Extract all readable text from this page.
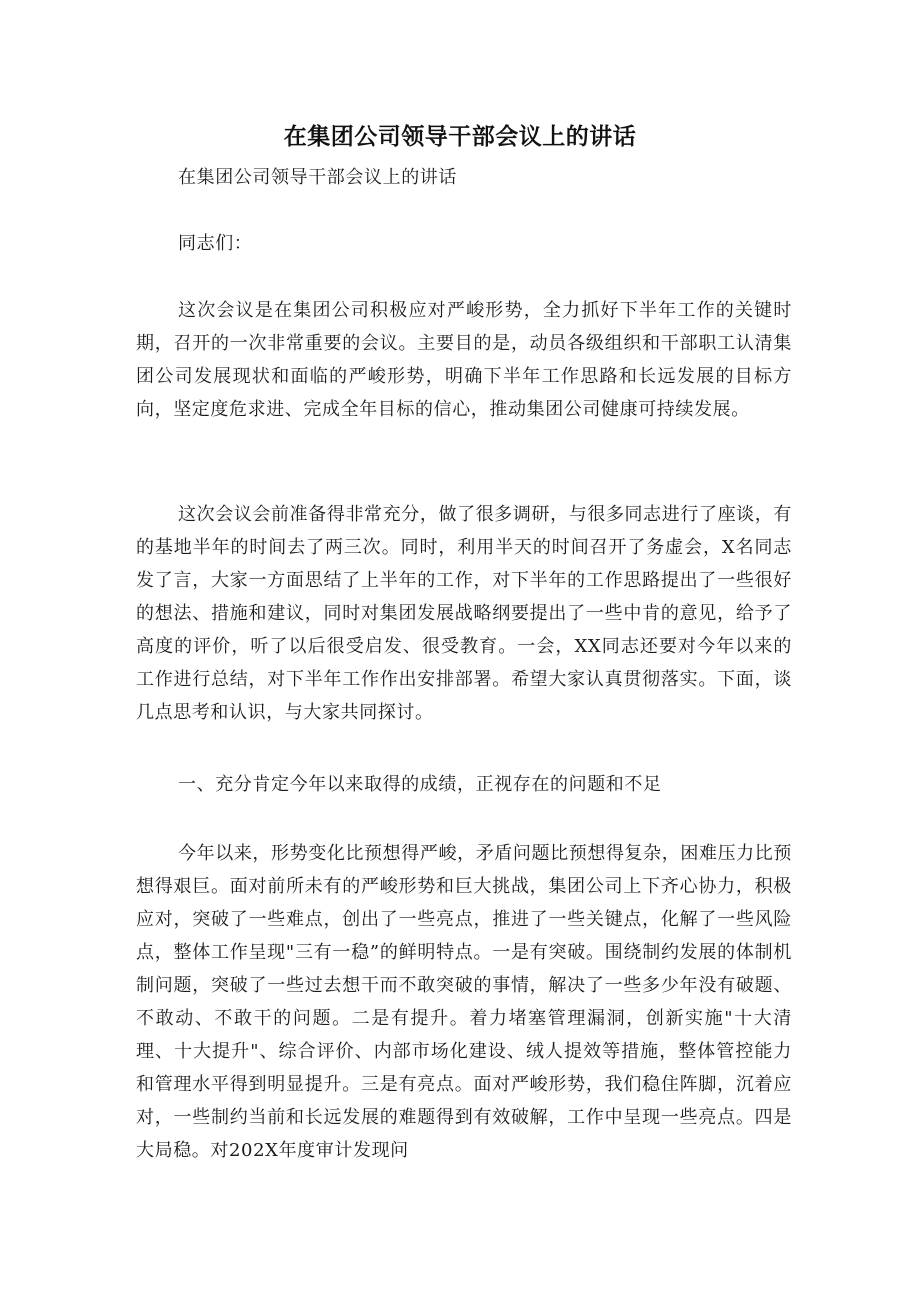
在集团公司领导干部会议上的讲话

在集团公司领导干部会议上的讲话

同志们：

这次会议是在集团公司积极应对严峻形势，全力抓好下半年工作的关键时期，召开的一次非常重要的会议。主要目的是，动员各级组织和干部职工认清集团公司发展现状和面临的严峻形势，明确下半年工作思路和长远发展的目标方向，坚定度危求进、完成全年目标的信心，推动集团公司健康可持续发展。

这次会议会前准备得非常充分，做了很多调研，与很多同志进行了座谈，有的基地半年的时间去了两三次。同时，利用半天的时间召开了务虚会，X名同志发了言，大家一方面思结了上半年的工作，对下半年的工作思路提出了一些很好的想法、措施和建议，同时对集团发展战略纲要提出了一些中肯的意见，给予了高度的评价，听了以后很受启发、很受教育。一会，XX同志还要对今年以来的工作进行总结，对下半年工作作出安排部署。希望大家认真贯彻落实。下面，谈几点思考和认识，与大家共同探讨。

一、充分肯定今年以来取得的成绩，正视存在的问题和不足

今年以来，形势变化比预想得严峻，矛盾问题比预想得复杂，困难压力比预想得艰巨。面对前所未有的严峻形势和巨大挑战，集团公司上下齐心协力，积极应对，突破了一些难点，创出了一些亮点，推进了一些关键点，化解了一些风险点，整体工作呈现"三有一稳”的鲜明特点。一是有突破。围绕制约发展的体制机制问题，突破了一些过去想干而不敢突破的事情，解决了一些多少年没有破题、不敢动、不敢干的问题。二是有提升。着力堵塞管理漏洞，创新实施"十大清理、十大提升"、综合评价、内部市场化建设、绒人提效等措施，整体管控能力和管理水平得到明显提升。三是有亮点。面对严峻形势，我们稳住阵脚，沉着应对，一些制约当前和长远发展的难题得到有效破解，工作中呈现一些亮点。四是大局稳。对202X年度审计发现问
